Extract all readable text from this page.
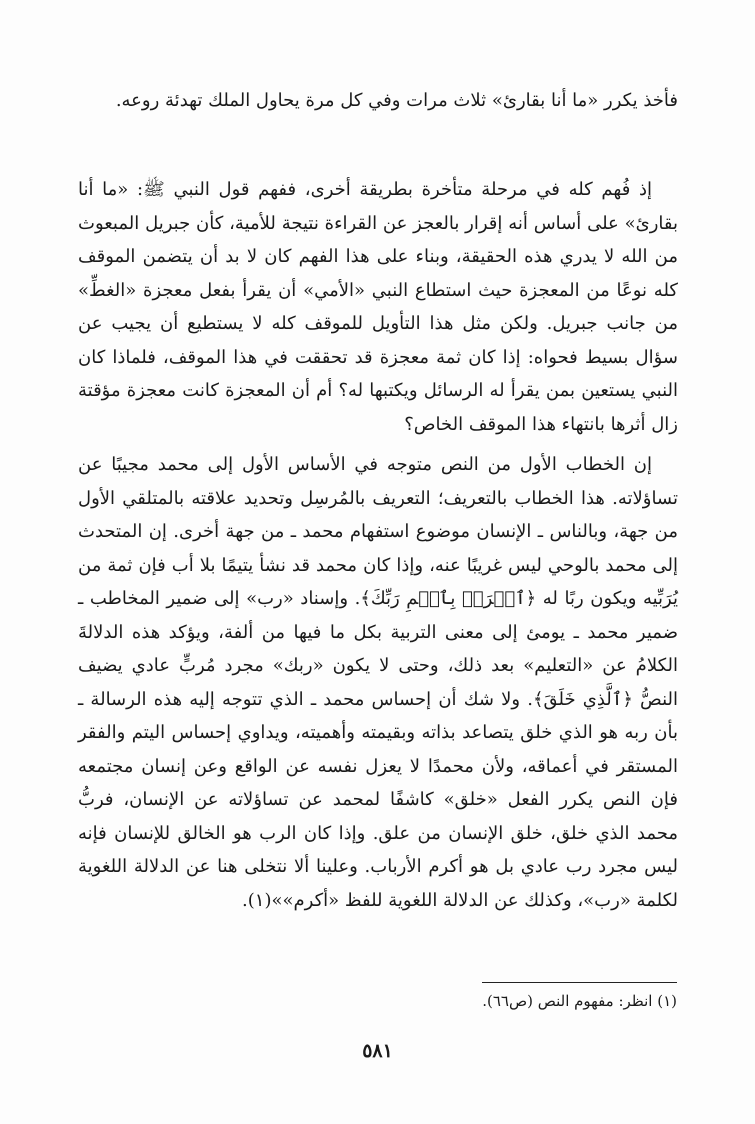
فأخذ يكرر «ما أنا بقارئ» ثلاث مرات وفي كل مرة يحاول الملك تهدئة روعه.

إذ فُهم كله في مرحلة متأخرة بطريقة أخرى، ففهم قول النبي ﷺ: «ما أنا بقارئ» على أساس أنه إقرار بالعجز عن القراءة نتيجة للأمية، كأن جبريل المبعوث من الله لا يدري هذه الحقيقة، وبناء على هذا الفهم كان لا بد أن يتضمن الموقف كله نوعًا من المعجزة حيث استطاع النبي «الأمي» أن يقرأ بفعل معجزة «الغطِّ» من جانب جبريل. ولكن مثل هذا التأويل للموقف كله لا يستطيع أن يجيب عن سؤال بسيط فحواه: إذا كان ثمة معجزة قد تحققت في هذا الموقف، فلماذا كان النبي يستعين بمن يقرأ له الرسائل ويكتبها له؟ أم أن المعجزة كانت معجزة مؤقتة زال أثرها بانتهاء هذا الموقف الخاص؟

إن الخطاب الأول من النص متوجه في الأساس الأول إلى محمد مجيبًا عن تساؤلاته. هذا الخطاب بالتعريف؛ التعريف بالمُرسِل وتحديد علاقته بالمتلقي الأول من جهة، وبالناس ـ الإنسان موضوع استفهام محمد ـ من جهة أخرى. إن المتحدث إلى محمد بالوحي ليس غريبًا عنه، وإذا كان محمد قد نشأ يتيمًا بلا أب فإن ثمة من يُرَبِّيه ويكون ربًا له ﴿ٱقۡرَأۡ بِٱسۡمِ رَبِّكَ﴾. وإسناد «رب» إلى ضمير المخاطب ـ ضمير محمد ـ يومئ إلى معنى التربية بكل ما فيها من ألفة، ويؤكد هذه الدلالةَ الكلامُ عن «التعليم» بعد ذلك، وحتى لا يكون «ربك» مجرد مُربٍّ عادي يضيف النصُّ ﴿ٱلَّذِي خَلَقَ﴾. ولا شك أن إحساس محمد ـ الذي تتوجه إليه هذه الرسالة ـ بأن ربه هو الذي خلق يتصاعد بذاته وبقيمته وأهميته، ويداوي إحساس اليتم والفقر المستقر في أعماقه، ولأن محمدًا لا يعزل نفسه عن الواقع وعن إنسان مجتمعه فإن النص يكرر الفعل «خلق» كاشفًا لمحمد عن تساؤلاته عن الإنسان، فربُّ محمد الذي خلق، خلق الإنسان من علق. وإذا كان الرب هو الخالق للإنسان فإنه ليس مجرد رب عادي بل هو أكرم الأرباب. وعلينا ألا نتخلى هنا عن الدلالة اللغوية لكلمة «رب»، وكذلك عن الدلالة اللغوية للفظ «أكرم»»(١).

(١) انظر: مفهوم النص (ص٦٦).
٥٨١
